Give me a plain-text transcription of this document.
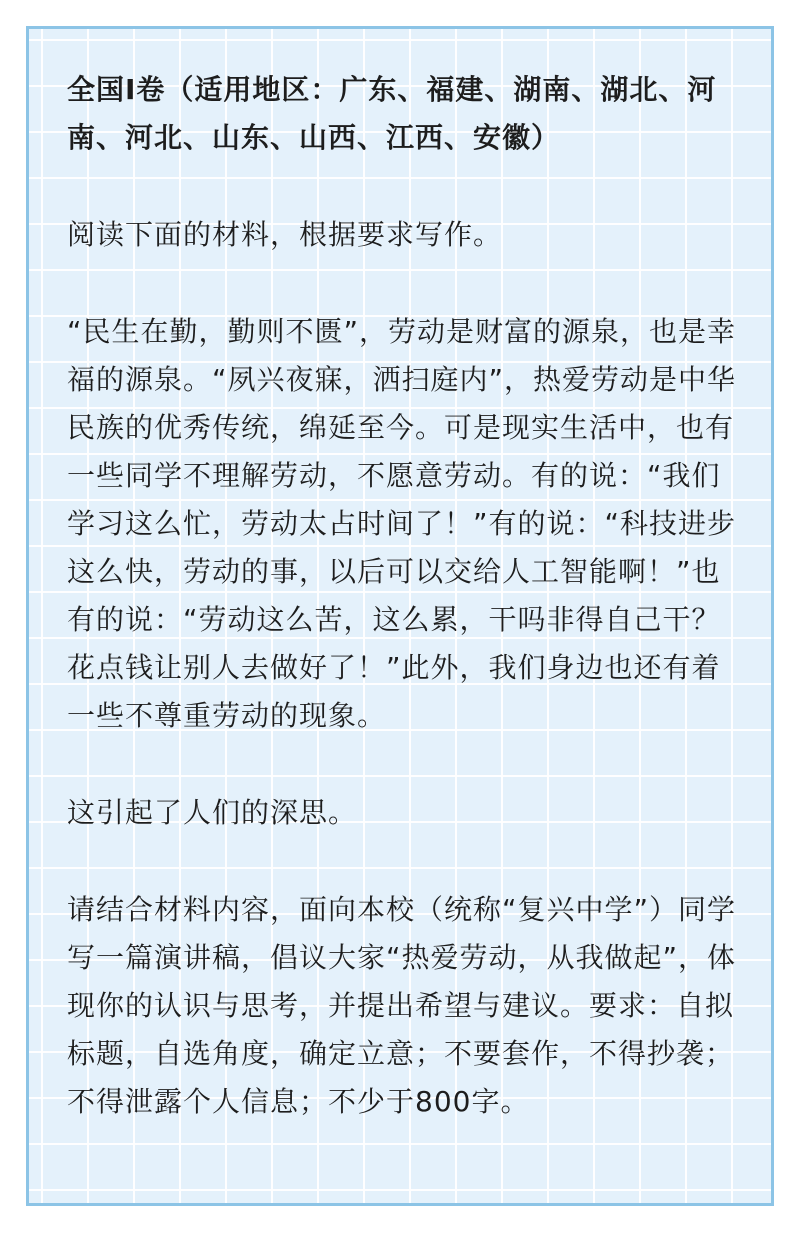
全国Ⅰ卷（适用地区：广东、福建、湖南、湖北、河南、河北、山东、山西、江西、安徽）

阅读下面的材料，根据要求写作。

“民生在勤，勤则不匮”，劳动是财富的源泉，也是幸福的源泉。“夙兴夜寐，洒扫庭内”，热爱劳动是中华民族的优秀传统，绵延至今。可是现实生活中，也有一些同学不理解劳动，不愿意劳动。有的说：“我们学习这么忙，劳动太占时间了！”有的说：“科技进步这么快，劳动的事，以后可以交给人工智能啊！”也有的说：“劳动这么苦，这么累，干吗非得自己干？花点钱让别人去做好了！”此外，我们身边也还有着一些不尊重劳动的现象。

这引起了人们的深思。

请结合材料内容，面向本校（统称“复兴中学”）同学写一篇演讲稿，倡议大家“热爱劳动，从我做起”，体现你的认识与思考，并提出希望与建议。要求：自拟标题，自选角度，确定立意；不要套作，不得抄袭；不得泄露个人信息；不少于800字。
